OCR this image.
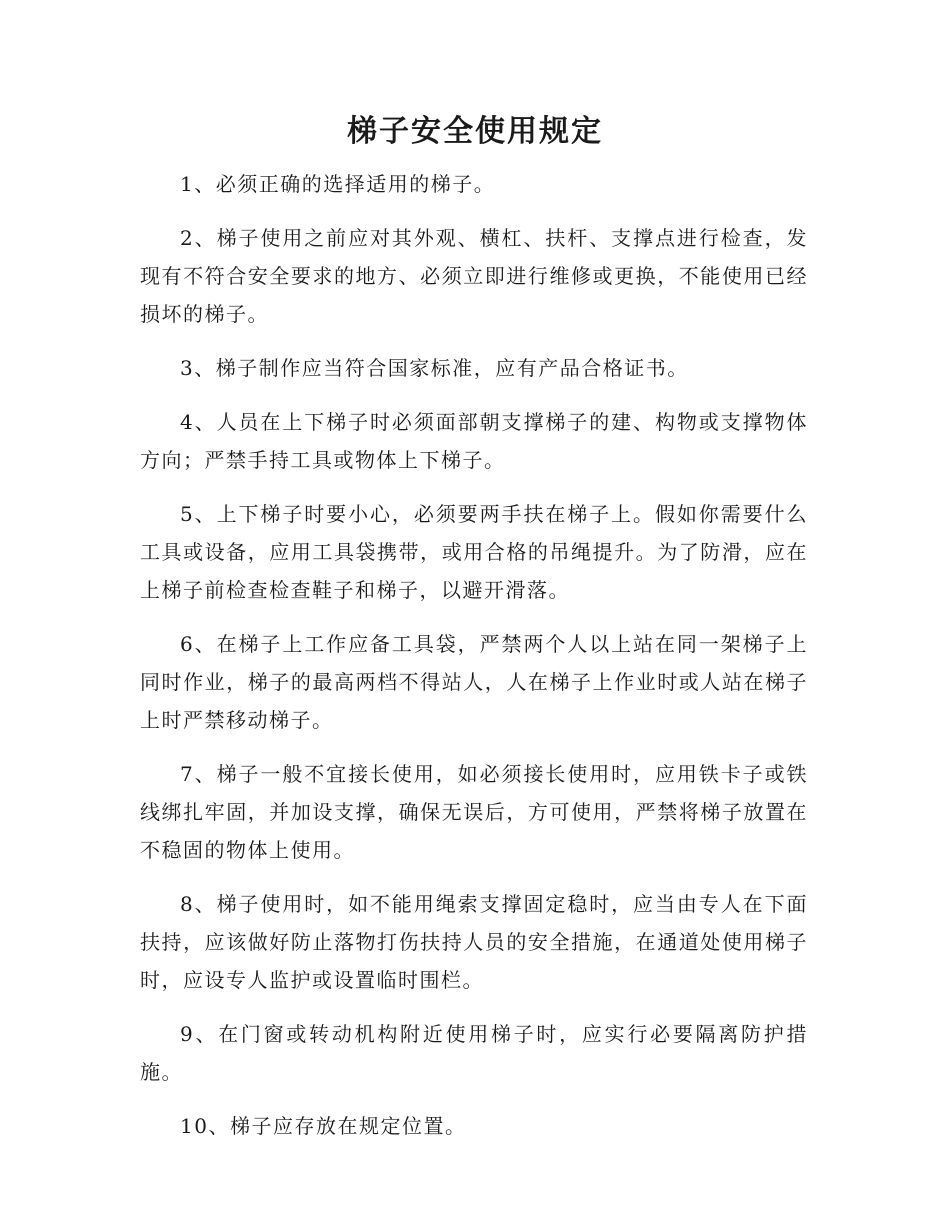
梯子安全使用规定

1、必须正确的选择适用的梯子。

2、梯子使用之前应对其外观、横杠、扶杆、支撑点进行检查，发现有不符合安全要求的地方、必须立即进行维修或更换，不能使用已经损坏的梯子。

3、梯子制作应当符合国家标准，应有产品合格证书。

4、人员在上下梯子时必须面部朝支撑梯子的建、构物或支撑物体方向；严禁手持工具或物体上下梯子。

5、上下梯子时要小心，必须要两手扶在梯子上。假如你需要什么工具或设备，应用工具袋携带，或用合格的吊绳提升。为了防滑，应在上梯子前检查检查鞋子和梯子，以避开滑落。

6、在梯子上工作应备工具袋，严禁两个人以上站在同一架梯子上同时作业，梯子的最高两档不得站人，人在梯子上作业时或人站在梯子上时严禁移动梯子。

7、梯子一般不宜接长使用，如必须接长使用时，应用铁卡子或铁线绑扎牢固，并加设支撑，确保无误后，方可使用，严禁将梯子放置在不稳固的物体上使用。

8、梯子使用时，如不能用绳索支撑固定稳时，应当由专人在下面扶持，应该做好防止落物打伤扶持人员的安全措施，在通道处使用梯子时，应设专人监护或设置临时围栏。

9、在门窗或转动机构附近使用梯子时，应实行必要隔离防护措施。

10、梯子应存放在规定位置。
